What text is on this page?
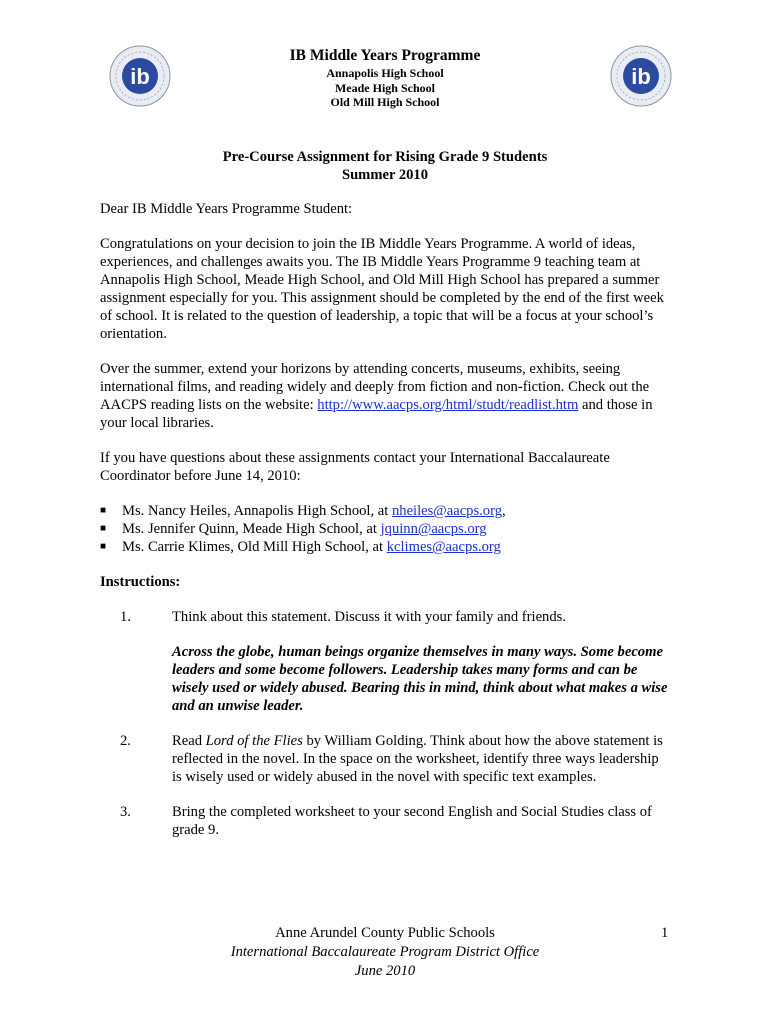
ib	ib
IB Middle Years Programme
Annapolis High School
Meade High School
Old Mill High School
Pre-Course Assignment for Rising Grade 9 Students
Summer 2010

Dear IB Middle Years Programme Student:

Congratulations on your decision to join the IB Middle Years Programme. A world of ideas, experiences, and challenges awaits you. The IB Middle Years Programme 9 teaching team at Annapolis High School, Meade High School, and Old Mill High School has prepared a summer assignment especially for you. This assignment should be completed by the end of the first week of school. It is related to the question of leadership, a topic that will be a focus at your school’s orientation.

Over the summer, extend your horizons by attending concerts, museums, exhibits, seeing international films, and reading widely and deeply from fiction and non-fiction. Check out the AACPS reading lists on the website: http://www.aacps.org/html/studt/readlist.htm and those in your local libraries.

If you have questions about these assignments contact your International Baccalaureate Coordinator before June 14, 2010:

■ Ms. Nancy Heiles, Annapolis High School, at nheiles@aacps.org,
■ Ms. Jennifer Quinn, Meade High School, at jquinn@aacps.org
■ Ms. Carrie Klimes, Old Mill High School, at kclimes@aacps.org
Instructions:
1.	Think about this statement. Discuss it with your family and friends.
Across the globe, human beings organize themselves in many ways. Some become leaders and some become followers. Leadership takes many forms and can be wisely used or widely abused. Bearing this in mind, think about what makes a wise and an unwise leader.
2.	Read Lord of the Flies by William Golding. Think about how the above statement is reflected in the novel. In the space on the worksheet, identify three ways leadership is wisely used or widely abused in the novel with specific text examples.
3.	Bring the completed worksheet to your second English and Social Studies class of grade 9.
Anne Arundel County Public Schools
International Baccalaureate Program District Office
June 2010
1
